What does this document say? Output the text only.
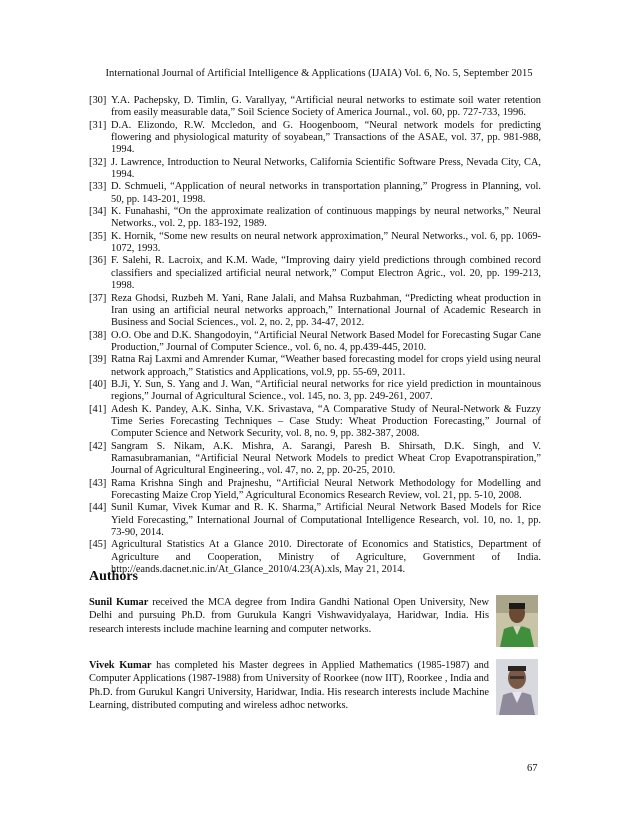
International Journal of Artificial Intelligence & Applications (IJAIA) Vol. 6, No. 5, September 2015
[30] Y.A. Pachepsky, D. Timlin, G. Varallyay, “Artificial neural networks to estimate soil water retention from easily measurable data,” Soil Science Society of America Journal., vol. 60, pp. 727-733, 1996.
[31] D.A. Elizondo, R.W. Mccledon, and G. Hoogenboom, “Neural network models for predicting flowering and physiological maturity of soyabean,” Transactions of the ASAE, vol. 37, pp. 981-988, 1994.
[32] J. Lawrence, Introduction to Neural Networks, California Scientific Software Press, Nevada City, CA, 1994.
[33] D. Schmueli, “Application of neural networks in transportation planning,” Progress in Planning, vol. 50, pp. 143-201, 1998.
[34] K. Funahashi, “On the approximate realization of continuous mappings by neural networks,” Neural Networks., vol. 2, pp. 183-192, 1989.
[35] K. Hornik, “Some new results on neural network approximation,” Neural Networks., vol. 6, pp. 1069-1072, 1993.
[36] F. Salehi, R. Lacroix, and K.M. Wade, “Improving dairy yield predictions through combined record classifiers and specialized artificial neural network,” Comput Electron Agric., vol. 20, pp. 199-213, 1998.
[37] Reza Ghodsi, Ruzbeh M. Yani, Rane Jalali, and Mahsa Ruzbahman, “Predicting wheat production in Iran using an artificial neural networks approach,” International Journal of Academic Research in Business and Social Sciences., vol. 2, no. 2, pp. 34-47, 2012.
[38] O.O. Obe and D.K. Shangodoyin, “Artificial Neural Network Based Model for Forecasting Sugar Cane Production,” Journal of Computer Science., vol. 6, no. 4, pp.439-445, 2010.
[39] Ratna Raj Laxmi and Amrender Kumar, “Weather based forecasting model for crops yield using neural network approach,” Statistics and Applications, vol.9, pp. 55-69, 2011.
[40] B.Ji, Y. Sun, S. Yang and J. Wan, “Artificial neural networks for rice yield prediction in mountainous regions,” Journal of Agricultural Science., vol. 145, no. 3, pp. 249-261, 2007.
[41] Adesh K. Pandey, A.K. Sinha, V.K. Srivastava, “A Comparative Study of Neural-Network & Fuzzy Time Series Forecasting Techniques – Case Study: Wheat Production Forecasting,” Journal of Computer Science and Network Security, vol. 8, no. 9, pp. 382-387, 2008.
[42] Sangram S. Nikam, A.K. Mishra, A. Sarangi, Paresh B. Shirsath, D.K. Singh, and V. Ramasubramanian, “Artificial Neural Network Models to predict Wheat Crop Evapotranspiration,” Journal of Agricultural Engineering., vol. 47, no. 2, pp. 20-25, 2010.
[43] Rama Krishna Singh and Prajneshu, “Artificial Neural Network Methodology for Modelling and Forecasting Maize Crop Yield,” Agricultural Economics Research Review, vol. 21, pp. 5-10, 2008.
[44] Sunil Kumar, Vivek Kumar and R. K. Sharma,” Artificial Neural Network Based Models for Rice Yield Forecasting,” International Journal of Computational Intelligence Research, vol. 10, no. 1, pp. 73-90, 2014.
[45] Agricultural Statistics At a Glance 2010. Directorate of Economics and Statistics, Department of Agriculture and Cooperation, Ministry of Agriculture, Government of India. http://eands.dacnet.nic.in/At_Glance_2010/4.23(A).xls, May 21, 2014.
Authors
Sunil Kumar received the MCA degree from Indira Gandhi National Open University, New Delhi and pursuing Ph.D. from Gurukula Kangri Vishwavidyalaya, Haridwar, India. His research interests include machine learning and computer networks.
Vivek Kumar has completed his Master degrees in Applied Mathematics (1985-1987) and Computer Applications (1987-1988) from University of Roorkee (now IIT), Roorkee , India and Ph.D. from Gurukul Kangri University, Haridwar, India. His research interests include Machine Learning, distributed computing and wireless adhoc networks.
67
